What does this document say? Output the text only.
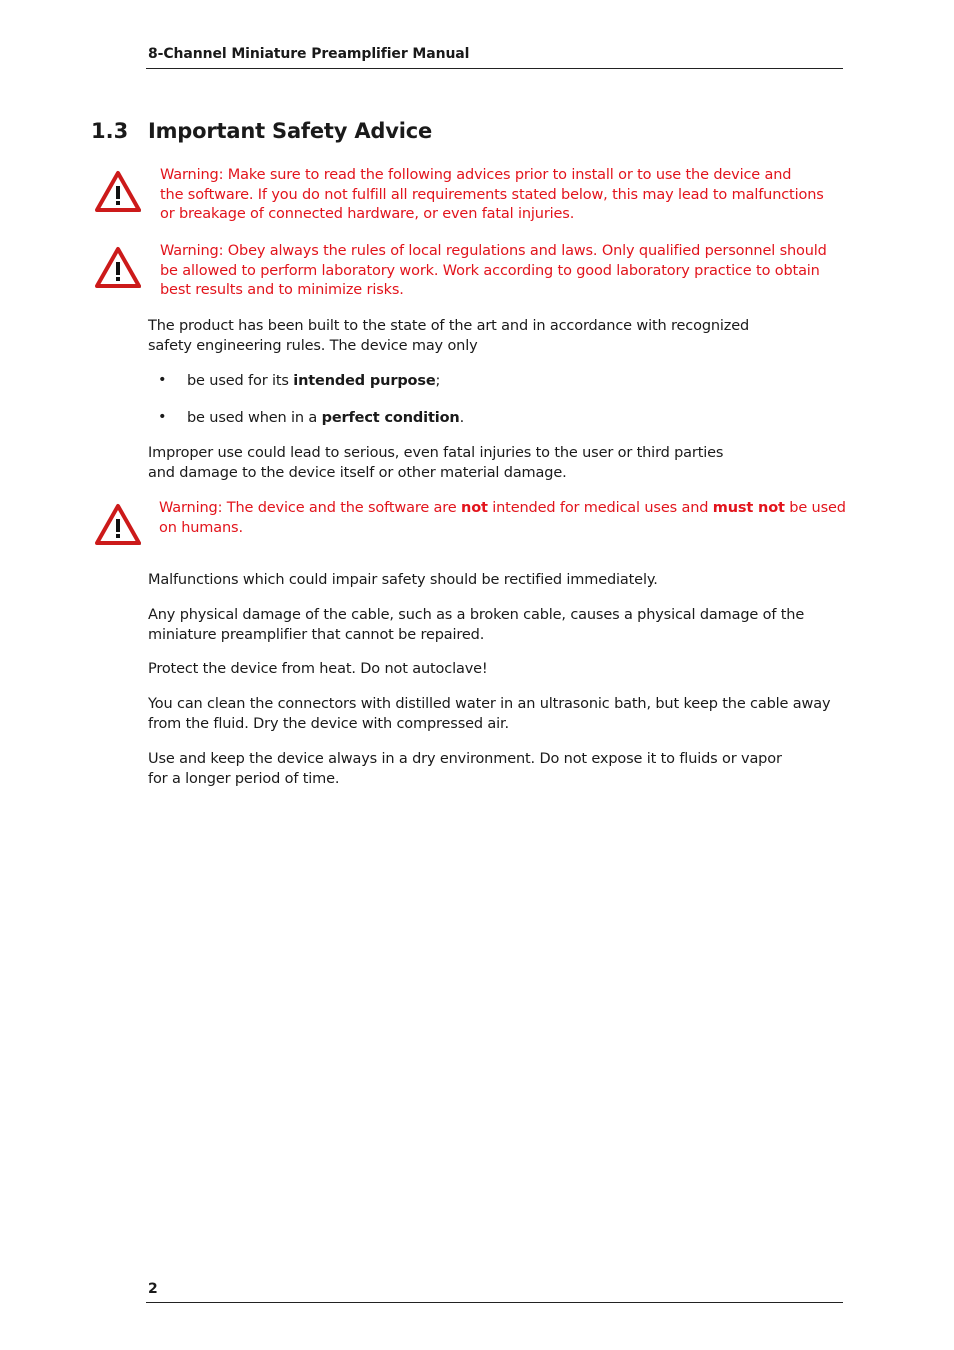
8-Channel Miniature Preamplifier Manual
1.3 Important Safety Advice
Warning: Make sure to read the following advices prior to install or to use the device and
the software. If you do not fulfill all requirements stated below, this may lead to malfunctions
or breakage of connected hardware, or even fatal injuries.
Warning: Obey always the rules of local regulations and laws. Only qualified personnel should
be allowed to perform laboratory work. Work according to good laboratory practice to obtain
best results and to minimize risks.
The product has been built to the state of the art and in accordance with recognized
safety engineering rules. The device may only
• be used for its intended purpose;
• be used when in a perfect condition.
Improper use could lead to serious, even fatal injuries to the user or third parties
and damage to the device itself or other material damage.
Warning: The device and the software are not intended for medical uses and must not be used
on humans.
Malfunctions which could impair safety should be rectified immediately.
Any physical damage of the cable, such as a broken cable, causes a physical damage of the
miniature preamplifier that cannot be repaired.
Protect the device from heat. Do not autoclave!
You can clean the connectors with distilled water in an ultrasonic bath, but keep the cable away
from the fluid. Dry the device with compressed air.
Use and keep the device always in a dry environment. Do not expose it to fluids or vapor
for a longer period of time.
2
